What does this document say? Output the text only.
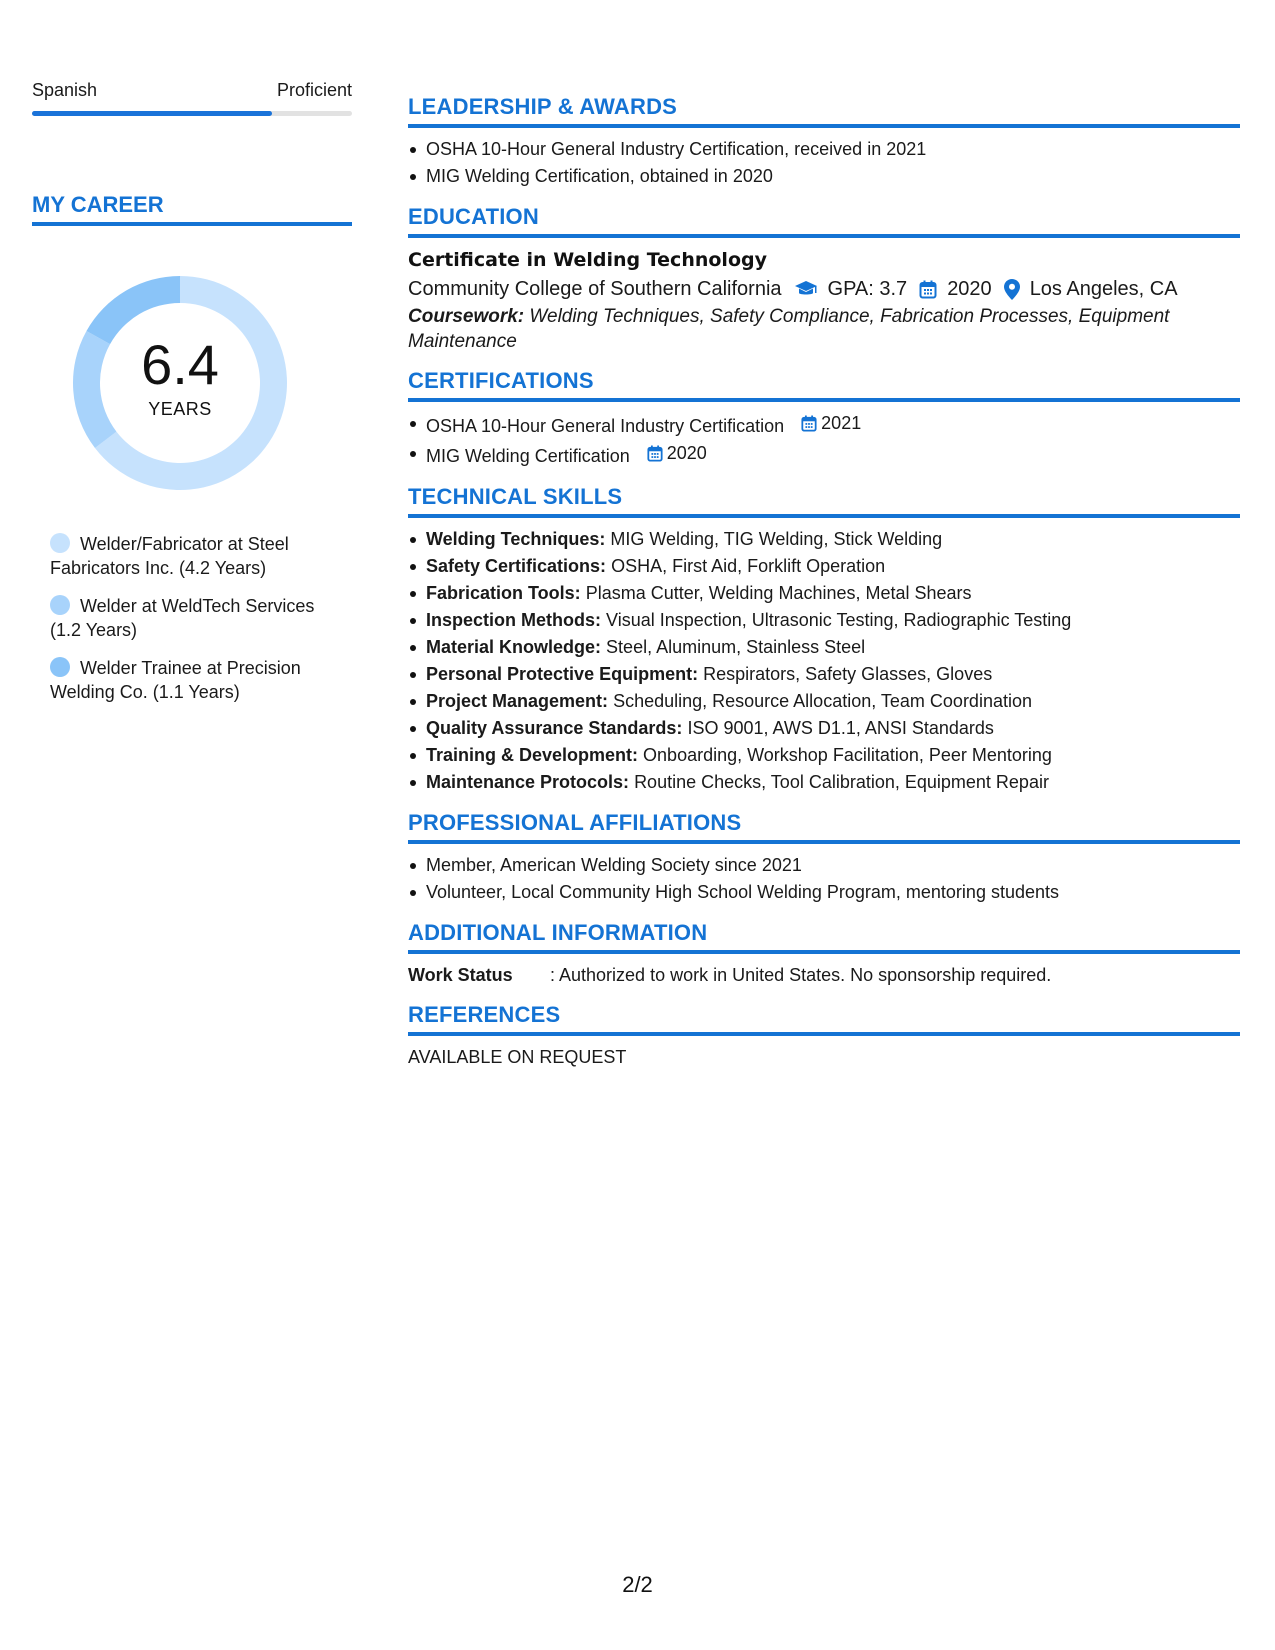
Spanish	Proficient
MY CAREER
6.4
YEARS
Welder/Fabricator at Steel Fabricators Inc. (4.2 Years)
Welder at WeldTech Services (1.2 Years)
Welder Trainee at Precision Welding Co. (1.1 Years)
LEADERSHIP & AWARDS
OSHA 10-Hour General Industry Certification, received in 2021
MIG Welding Certification, obtained in 2020
EDUCATION
Certificate in Welding Technology
Community College of Southern California GPA: 3.7 2020 Los Angeles, CA
Coursework: Welding Techniques, Safety Compliance, Fabrication Processes, Equipment Maintenance
CERTIFICATIONS
OSHA 10-Hour General Industry Certification 2021
MIG Welding Certification 2020
TECHNICAL SKILLS
Welding Techniques: MIG Welding, TIG Welding, Stick Welding
Safety Certifications: OSHA, First Aid, Forklift Operation
Fabrication Tools: Plasma Cutter, Welding Machines, Metal Shears
Inspection Methods: Visual Inspection, Ultrasonic Testing, Radiographic Testing
Material Knowledge: Steel, Aluminum, Stainless Steel
Personal Protective Equipment: Respirators, Safety Glasses, Gloves
Project Management: Scheduling, Resource Allocation, Team Coordination
Quality Assurance Standards: ISO 9001, AWS D1.1, ANSI Standards
Training & Development: Onboarding, Workshop Facilitation, Peer Mentoring
Maintenance Protocols: Routine Checks, Tool Calibration, Equipment Repair
PROFESSIONAL AFFILIATIONS
Member, American Welding Society since 2021
Volunteer, Local Community High School Welding Program, mentoring students
ADDITIONAL INFORMATION
Work Status	: Authorized to work in United States. No sponsorship required.
REFERENCES
AVAILABLE ON REQUEST
2/2
